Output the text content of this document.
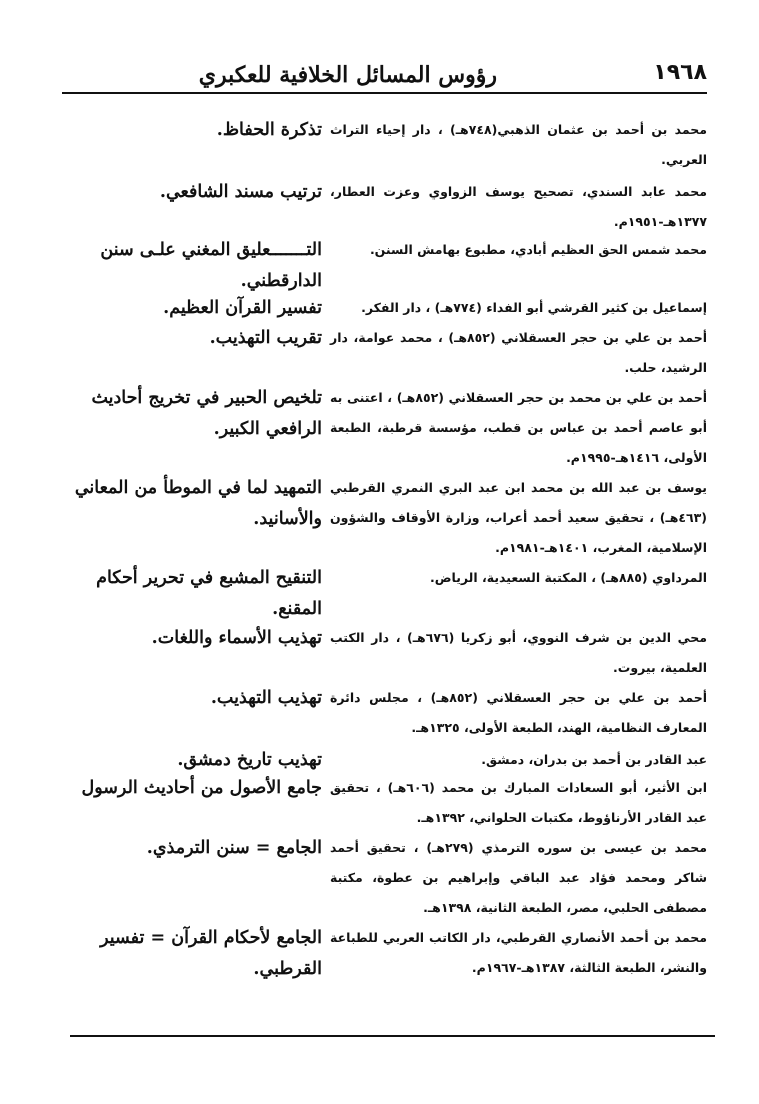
١٩٦٨
رؤوس المسائل الخلافية للعكبري
تذكرة الحفاظ. محمد بن أحمد بن عثمان الذهبي(٧٤٨هـ) ، دار إحياء التراث العربي.
ترتيب مسند الشافعي. محمد عابد السندي، تصحيح يوسف الزواوي وعزت العطار، ١٣٧٧هـ-١٩٥١م.
التـــــــعليق المغني علـى سنن الدارقطني.
محمد شمس الحق العظيم أبادي، مطبوع بهامش السنن.
تفسير القرآن العظيم.	إسماعيل بن كثير القرشي أبو الفداء (٧٧٤هـ) ، دار الفكر.
تقريب التهذيب. أحمد بن علي بن حجر العسقلاني (٨٥٢هـ) ، محمد عوامة، دار الرشيد، حلب.
تلخيص الحبير في تخريج أحاديث الرافعي الكبير.
أحمد بن علي بن محمد بن حجر العسقلاني (٨٥٢هـ) ، اعتنى به أبو عاصم أحمد بن عباس بن قطب، مؤسسة قرطبة، الطبعة الأولى، ١٤١٦هـ-١٩٩٥م.
التمهيد لما في الموطأ من المعاني والأسانيد.
يوسف بن عبد الله بن محمد ابن عبد البري النمري القرطبي (٤٦٣هـ) ، تحقيق سعيد أحمد أعراب، وزارة الأوقاف والشؤون الإسلامية، المغرب، ١٤٠١هـ-١٩٨١م.
التنقيح المشبع في تحرير أحكام المقنع.
المرداوي (٨٨٥هـ) ، المكتبة السعيدية، الرياض.
تهذيب الأسماء واللغات. محي الدين بن شرف النووي، أبو زكريا (٦٧٦هـ) ، دار الكتب العلمية، بيروت.
تهذيب التهذيب. أحمد بن علي بن حجر العسقلاني (٨٥٢هـ) ، مجلس دائرة المعارف النظامية، الهند، الطبعة الأولى، ١٣٢٥هـ.
تهذيب تاريخ دمشق.	عبد القادر بن أحمد بن بدران، دمشق.
جامع الأصول من أحاديث الرسول ابن الأثير، أبو السعادات المبارك بن محمد (٦٠٦هـ) ، تحقيق عبد القادر الأرناؤوط، مكتبات الحلواني، ١٣٩٢هـ.
الجامع = سنن الترمذي. محمد بن عيسى بن سوره الترمذي (٢٧٩هـ) ، تحقيق أحمد شاكر ومحمد فؤاد عبد الباقي وإبراهيم بن عطوة، مكتبة مصطفى الحلبي، مصر، الطبعة الثانية، ١٣٩٨هـ.
الجامع لأحكام القرآن = تفسير القرطبي.
محمد بن أحمد الأنصاري القرطبي، دار الكاتب العربي للطباعة والنشر، الطبعة الثالثة، ١٣٨٧هـ-١٩٦٧م.
